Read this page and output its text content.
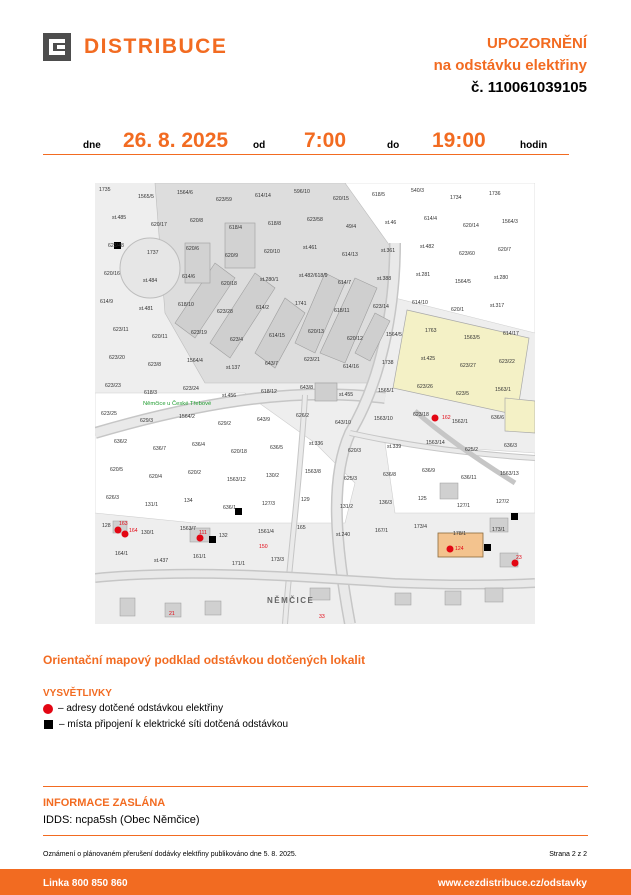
DISTRIBUCE	UPOZORNĚNÍ
na odstávku elektřiny
č. 110061039105
dne 26. 8. 2025 od 7:00	do 19:00	hodin
1735
1565/5
1564/6
623/59
614/14
596/10
620/15
618/5
540/3
1734
1736
st.485
620/17
620/8
618/4
618/8
623/58
49/4
st.46
614/4
620/14
1564/3
623/48
1737
620/6
620/9
620/10
st.461
614/13
st.361
st.482
623/60
620/7
620/16
st.484
614/6
620/18
st.280/1
st.482/618/9
614/7
st.388
st.281
1564/5
st.280
614/9
st.481
618/10
623/28
614/2
1741
618/11
623/14
614/10
620/1
st.317
623/11
620/11
623/19
623/4
614/15
620/13
620/12
1564/5
1763
1563/5
614/17
623/20
623/8
1564/4
st.137
643/7
623/21
614/16
1738
st.425
623/27
623/22
623/23
618/3
623/24
st.456
618/12
643/8
st.455
1565/1
623/26
623/5
1563/1
623/25
629/3
1564/2
629/2
643/9
626/2
643/10
1563/10
623/18
1562/1
636/6
636/2
636/7
636/4
620/18
636/5
st.336
620/3
st.339
1563/14
625/2
636/3
620/5
620/4
620/2
1563/12
130/2
1563/8
625/3
636/8
636/9
636/11
1563/13
626/3
131/1
134
636/1
127/3
129
131/2
136/3
125
127/1
127/2
128
130/1
1563/7
132
1561/4
165
st.240
167/1
173/4
178/1
173/1
164/1
st.437
161/1
171/1
173/3
Němčice u České Třebové
NĚMČICE
162
163
164	111
150	124
23
21	33
Orientační mapový podklad odstávkou dotčených lokalit
VYSVĚTLIVKY
– adresy dotčené odstávkou elektřiny
– místa připojení k elektrické síti dotčená odstávkou
INFORMACE ZASLÁNA
IDDS: ncpa5sh (Obec Němčice)
Oznámení o plánovaném přerušení dodávky elektřiny publikováno dne 5. 8. 2025.	Strana 2 z 2
Linka 800 850 860	www.cezdistribuce.cz/odstavky
